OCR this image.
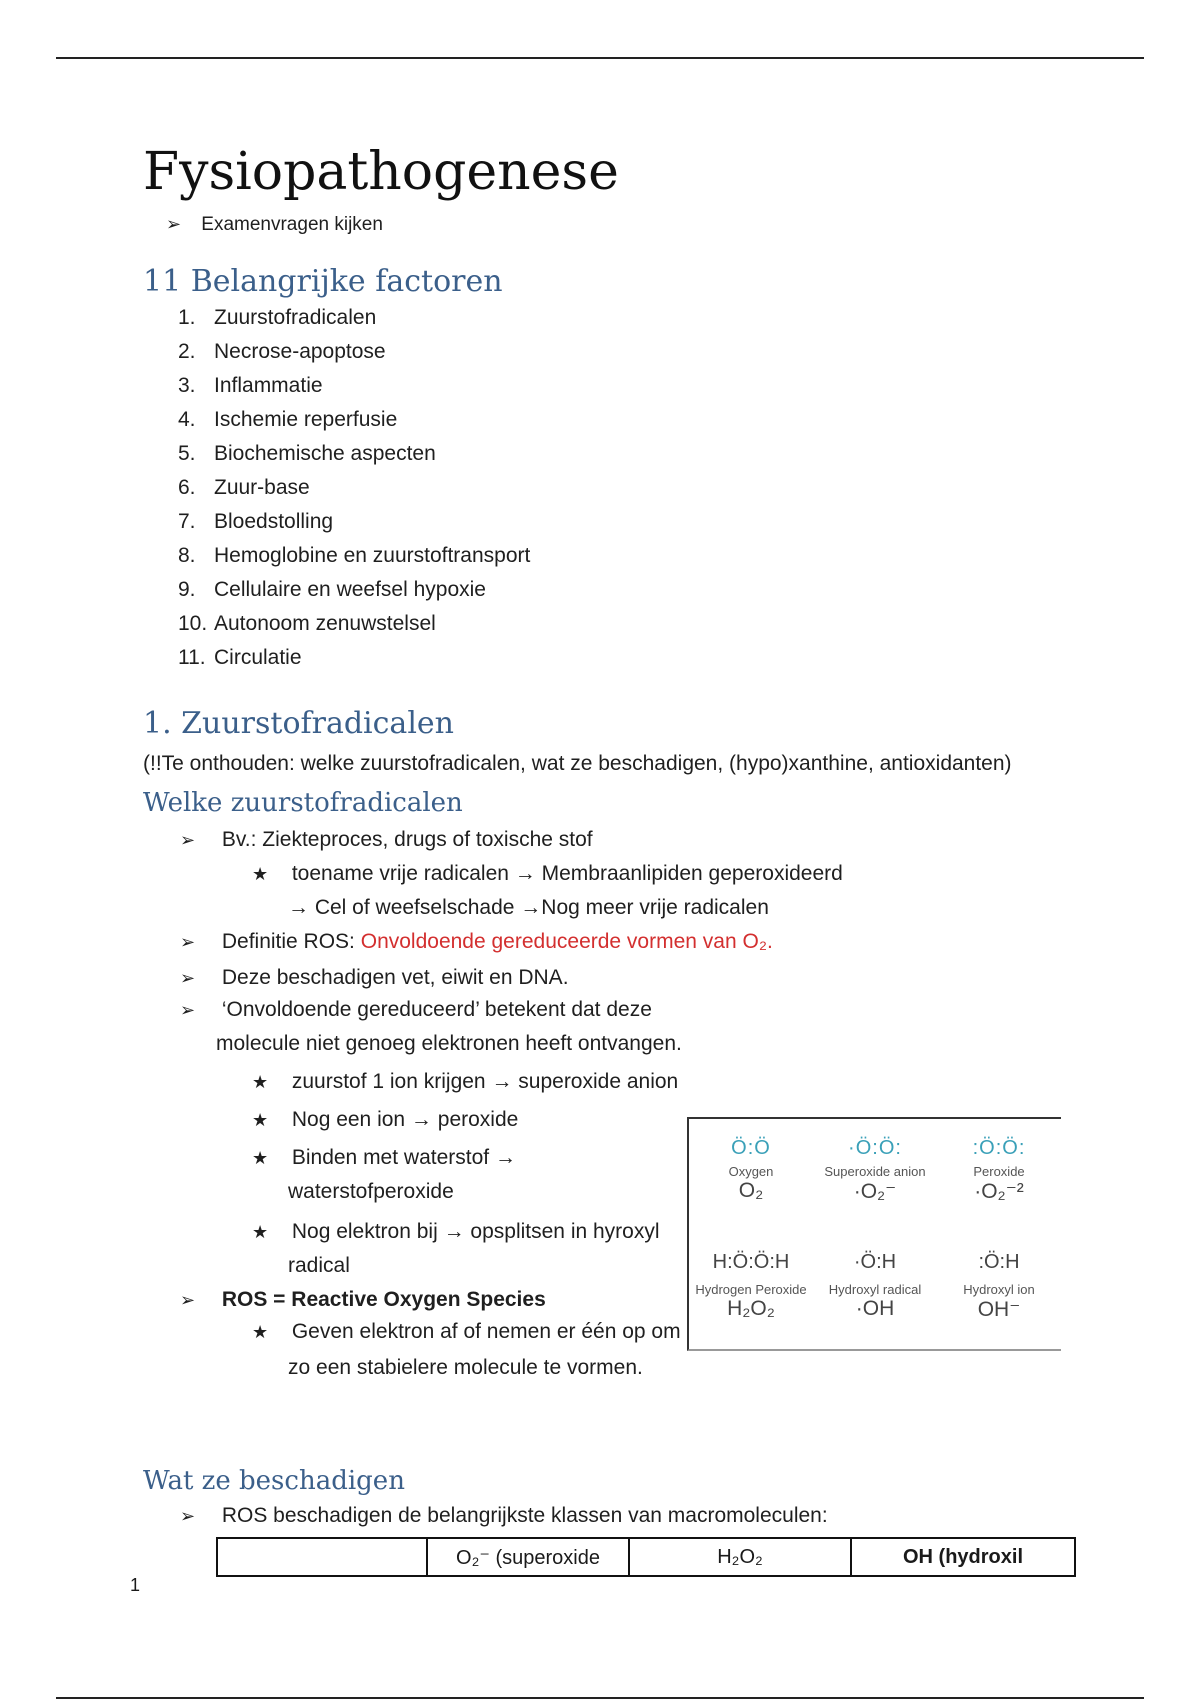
Fysiopathogenese
➢ Examenvragen kijken
11 Belangrijke factoren
1. Zuurstofradicalen
2. Necrose-apoptose
3. Inflammatie
4. Ischemie reperfusie
5. Biochemische aspecten
6. Zuur-base
7. Bloedstolling
8. Hemoglobine en zuurstoftransport
9. Cellulaire en weefsel hypoxie
10. Autonoom zenuwstelsel
11. Circulatie
1. Zuurstofradicalen
(!!Te onthouden: welke zuurstofradicalen, wat ze beschadigen, (hypo)xanthine, antioxidanten)
Welke zuurstofradicalen
➢ Bv.: Ziekteproces, drugs of toxische stof
★ toename vrije radicalen → Membraanlipiden geperoxideerd
→ Cel of weefselschade →Nog meer vrije radicalen
➢ Definitie ROS: Onvoldoende gereduceerde vormen van O₂.
➢ Deze beschadigen vet, eiwit en DNA.
➢ ‘Onvoldoende gereduceerd’ betekent dat deze
molecule niet genoeg elektronen heeft ontvangen.
★ zuurstof 1 ion krijgen → superoxide anion
★ Nog een ion → peroxide
★ Binden met waterstof →
waterstofperoxide
★ Nog elektron bij → opsplitsen in hyroxyl
radical
➢ ROS = Reactive Oxygen Species
★ Geven elektron af of nemen er één op om
zo een stabielere molecule te vormen.
Ö:Ö
Oxygen
O₂
·Ö:Ö:
Superoxide anion
·O₂⁻
:Ö:Ö:
Peroxide
·O₂⁻²
H:Ö:Ö:H
Hydrogen Peroxide
H₂O₂
·Ö:H
Hydroxyl radical
·OH
:Ö:H
Hydroxyl ion
OH⁻
Wat ze beschadigen
➢ ROS beschadigen de belangrijkste klassen van macromoleculen:
O₂⁻ (superoxide	H₂O₂	OH (hydroxil
1
